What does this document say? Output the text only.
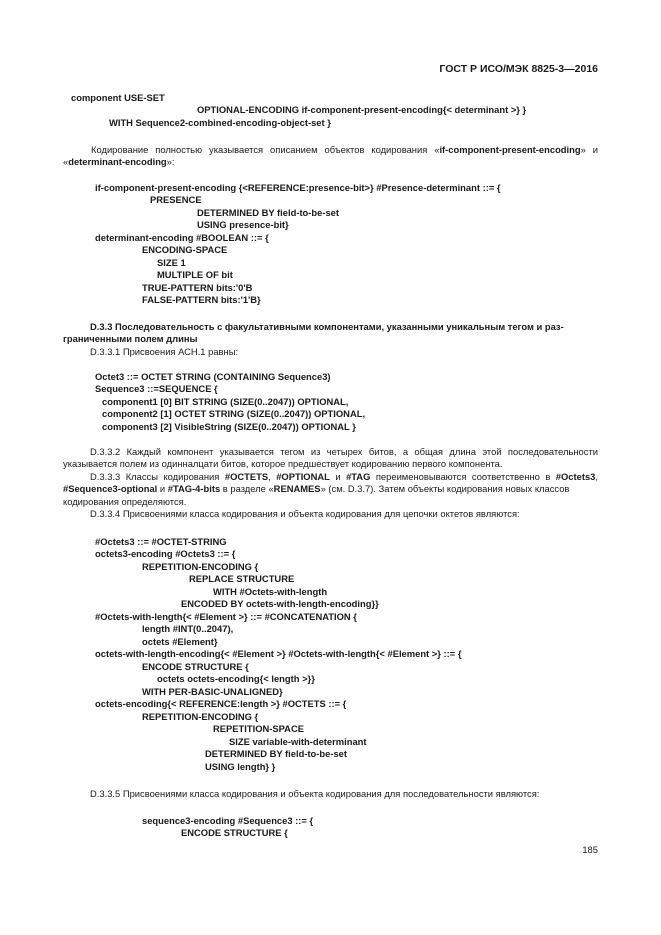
ГОСТ Р ИСО/МЭК 8825-3—2016
component USE-SET
OPTIONAL-ENCODING if-component-present-encoding{< determinant >} }
WITH Sequence2-combined-encoding-object-set }
Кодирование полностью указывается описанием объектов кодирования «if-component-present-encoding» и «determinant-encoding»:
if-component-present-encoding {<REFERENCE:presence-bit>} #Presence-determinant ::= {
PRESENCE
DETERMINED BY field-to-be-set
USING presence-bit}
determinant-encoding #BOOLEAN ::= {
ENCODING-SPACE
SIZE 1
MULTIPLE OF bit
TRUE-PATTERN bits:'0'B
FALSE-PATTERN bits:'1'B}
D.3.3 Последовательность с факультативными компонентами, указанными уникальным тегом и раз-
граниченными полем длины
D.3.3.1 Присвоения АСН.1 равны:
Octet3 ::= OCTET STRING (CONTAINING Sequence3)
Sequence3 ::=SEQUENCE {
component1 [0] BIT STRING (SIZE(0..2047)) OPTIONAL,
component2 [1] OCTET STRING (SIZE(0..2047)) OPTIONAL,
component3 [2] VisibleString (SIZE(0..2047)) OPTIONAL }
D.3.3.2 Каждый компонент указывается тегом из четырех битов, а общая длина этой последовательности
указывается полем из одинналцати битов, которое предшествует кодированию первого компонента.
D.3.3.3 Классы кодирования #OCTETS, #OPTIONAL и #TAG переименовываются соответственно в #Octets3,
#Sequence3-optional и #TAG-4-bits в разделе «RENAMES» (см. D.3.7). Затем объекты кодирования новых классов
кодирования определяются.
D.3.3.4 Присвоениями класса кодирования и объекта кодирования для цепочки октетов являются:
#Octets3 ::= #OCTET-STRING
octets3-encoding #Octets3 ::= {
REPETITION-ENCODING {
REPLACE STRUCTURE
WITH #Octets-with-length
ENCODED BY octets-with-length-encoding}}
#Octets-with-length{< #Element >} ::= #CONCATENATION {
length #INT(0..2047),
octets #Element}
octets-with-length-encoding{< #Element >} #Octets-with-length{< #Element >} ::= {
ENCODE STRUCTURE {
octets octets-encoding{< length >}}
WITH PER-BASIC-UNALIGNED}
octets-encoding{< REFERENCE:length >} #OCTETS ::= {
REPETITION-ENCODING {
REPETITION-SPACE
SIZE variable-with-determinant
DETERMINED BY field-to-be-set
USING length} }
D.3.3.5 Присвоениями класса кодирования и объекта кодирования для последовательности являются:
sequence3-encoding #Sequence3 ::= {
ENCODE STRUCTURE {
185
